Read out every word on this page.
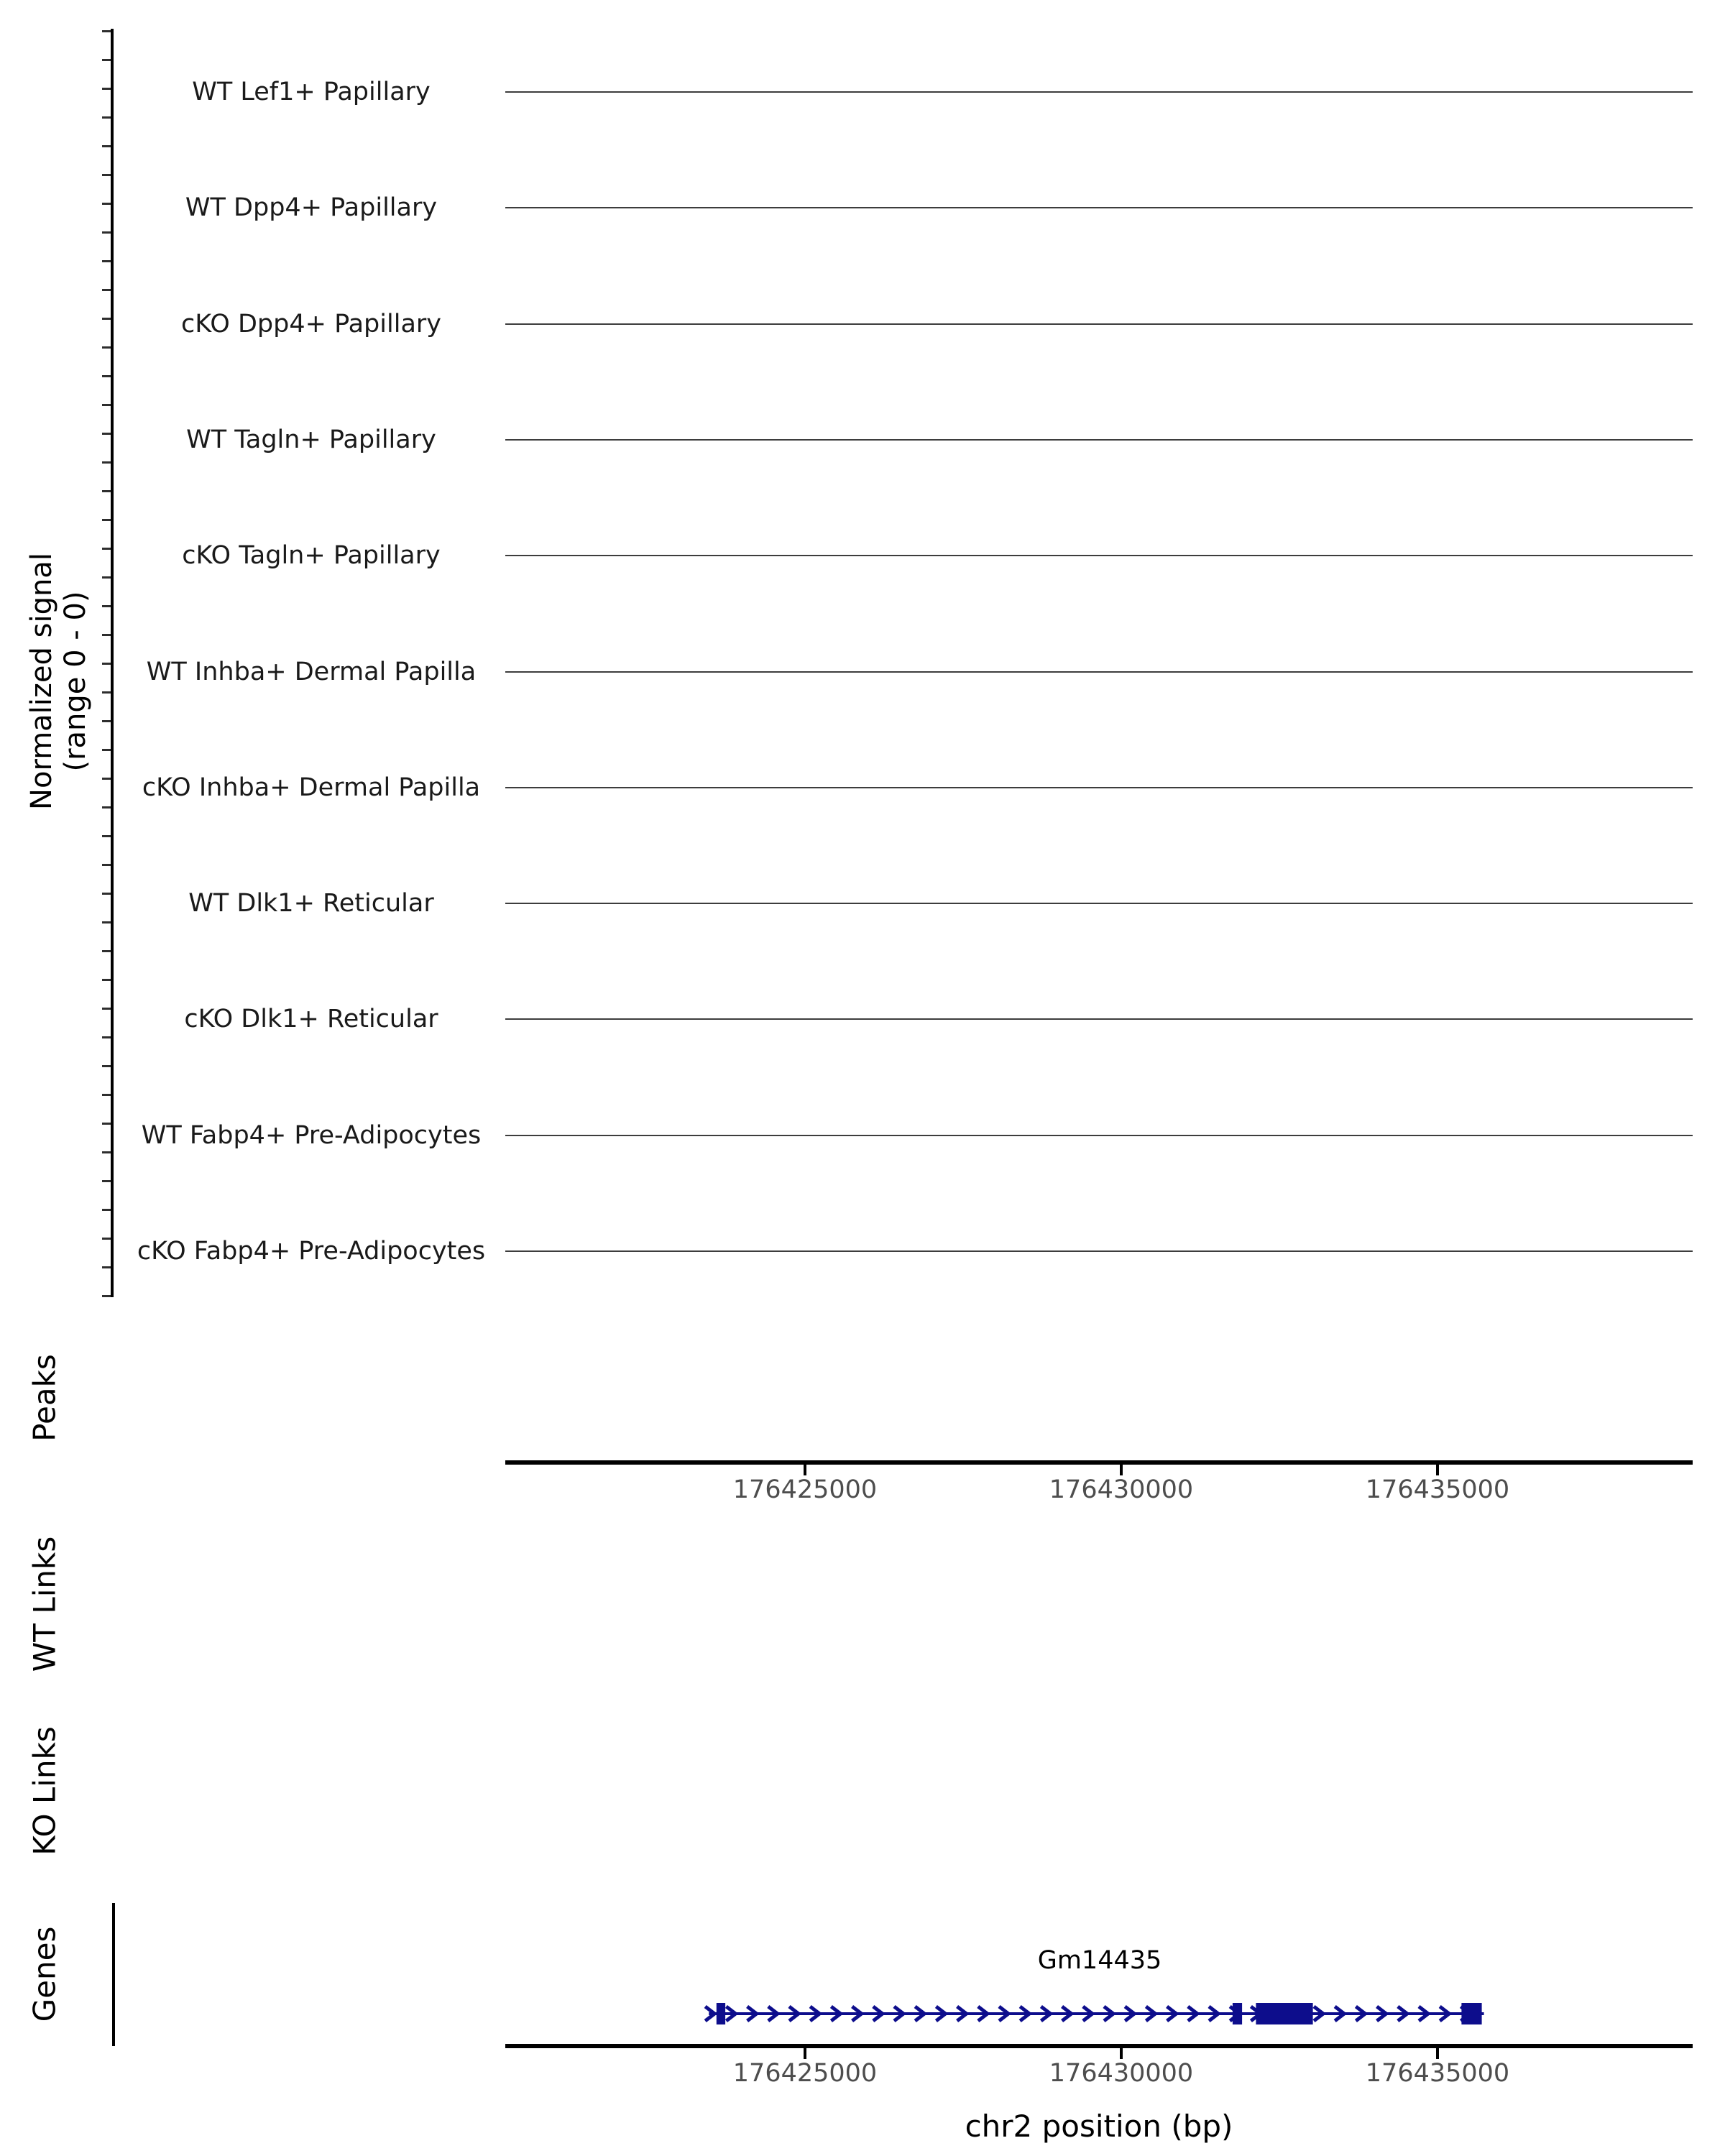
Normalized signal (range 0 - 0)
WT Lef1+ Papillary
WT Dpp4+ Papillary
cKO Dpp4+ Papillary
WT Tagln+ Papillary
cKO Tagln+ Papillary
WT Inhba+ Dermal Papilla
cKO Inhba+ Dermal Papilla
WT Dlk1+ Reticular
cKO Dlk1+ Reticular
WT Fabp4+ Pre-Adipocytes
cKO Fabp4+ Pre-Adipocytes
Peaks
176425000	176430000	176435000
WT Links
KO Links
Genes	Gm14435
176425000	176430000	176435000
chr2 position (bp)
